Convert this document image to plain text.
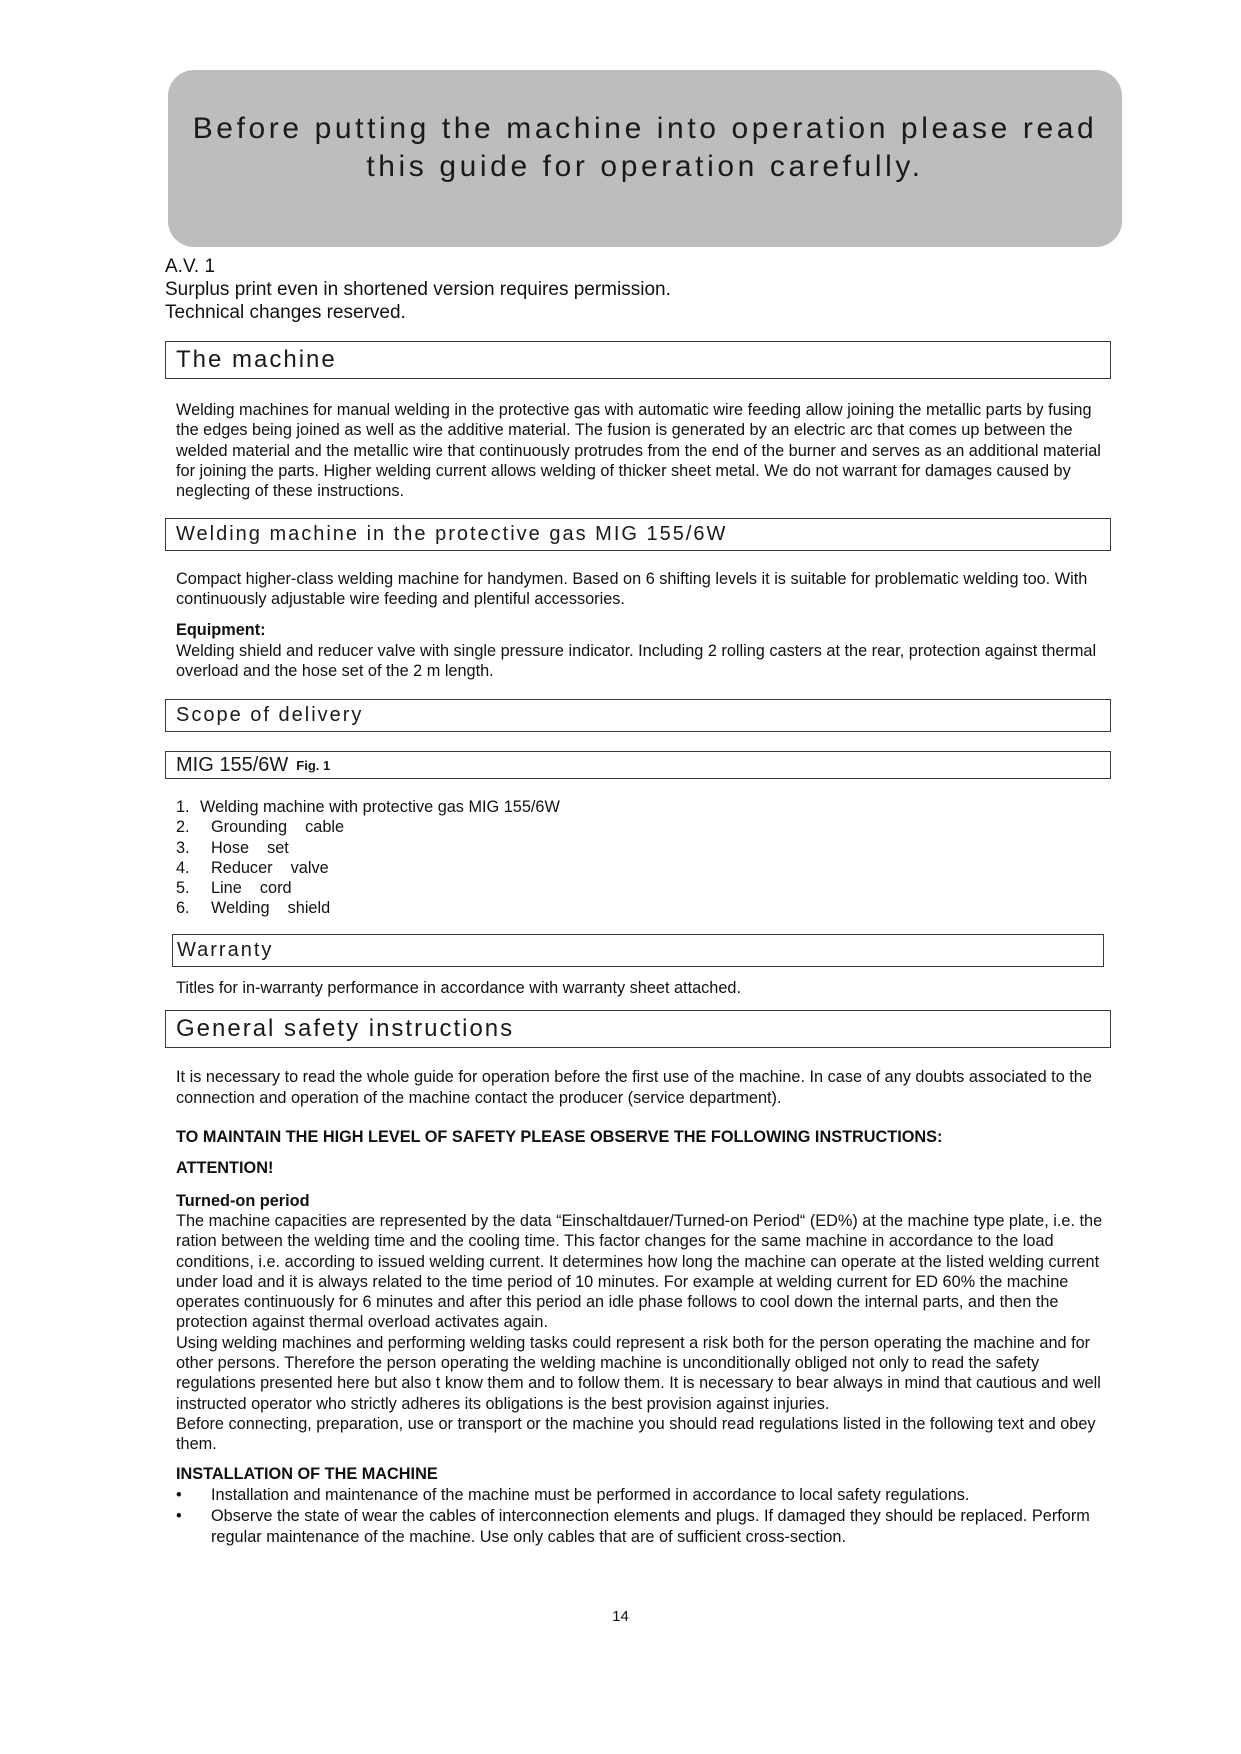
Before putting the machine into operation please read this guide for operation carefully.
A.V. 1
Surplus print even in shortened version requires permission.
Technical changes reserved.
The machine
Welding machines for manual welding in the protective gas with automatic wire feeding allow joining the metallic parts by fusing the edges being joined as well as the additive material. The fusion is generated by an electric arc that comes up between the welded material and the metallic wire that continuously protrudes from the end of the burner and serves as an additional material for joining the parts. Higher welding current allows welding of thicker sheet metal. We do not warrant for damages caused by neglecting of these instructions.
Welding machine in the protective gas MIG 155/6W
Compact higher-class welding machine for handymen. Based on 6 shifting levels it is suitable for problematic welding too. With continuously adjustable wire feeding and plentiful accessories.
Equipment:
Welding shield and reducer valve with single pressure indicator. Including 2 rolling casters at the rear, protection against thermal overload and the hose set of the 2 m length.
Scope of delivery
MIG 155/6W Fig. 1
1. Welding machine with protective gas MIG 155/6W
2.	Grounding    cable
3.	Hose    set
4.	Reducer    valve
5.	Line    cord
6.	Welding    shield
Warranty
Titles for in-warranty performance in accordance with warranty sheet attached.
General safety instructions
It is necessary to read the whole guide for operation before the first use of the machine. In case of any doubts associated to the connection and operation of the machine contact the producer (service department).
TO MAINTAIN THE HIGH LEVEL OF SAFETY PLEASE OBSERVE THE FOLLOWING INSTRUCTIONS:
ATTENTION!
Turned-on period
The machine capacities are represented by the data “Einschaltdauer/Turned-on Period“ (ED%) at the machine type plate, i.e. the ration between the welding time and the cooling time. This factor changes for the same machine in accordance to the load conditions, i.e. according to issued welding current. It determines how long the machine can operate at the listed welding current under load and it is always related to the time period of 10 minutes. For example at welding current for ED 60% the machine operates continuously for 6 minutes and after this period an idle phase follows to cool down the internal parts, and then the protection against thermal overload activates again.
Using welding machines and performing welding tasks could represent a risk both for the person operating the machine and for other persons. Therefore the person operating the welding machine is unconditionally obliged not only to read the safety regulations presented here but also t know them and to follow them. It is necessary to bear always in mind that cautious and well instructed operator who strictly adheres its obligations is the best provision against injuries.
Before connecting, preparation, use or transport or the machine you should read regulations listed in the following text and obey them.
INSTALLATION OF THE MACHINE
•	Installation and maintenance of the machine must be performed in accordance to local safety regulations.
•	Observe the state of wear the cables of interconnection elements and plugs. If damaged they should be replaced. Perform regular maintenance of the machine. Use only cables that are of sufficient cross-section.
14
